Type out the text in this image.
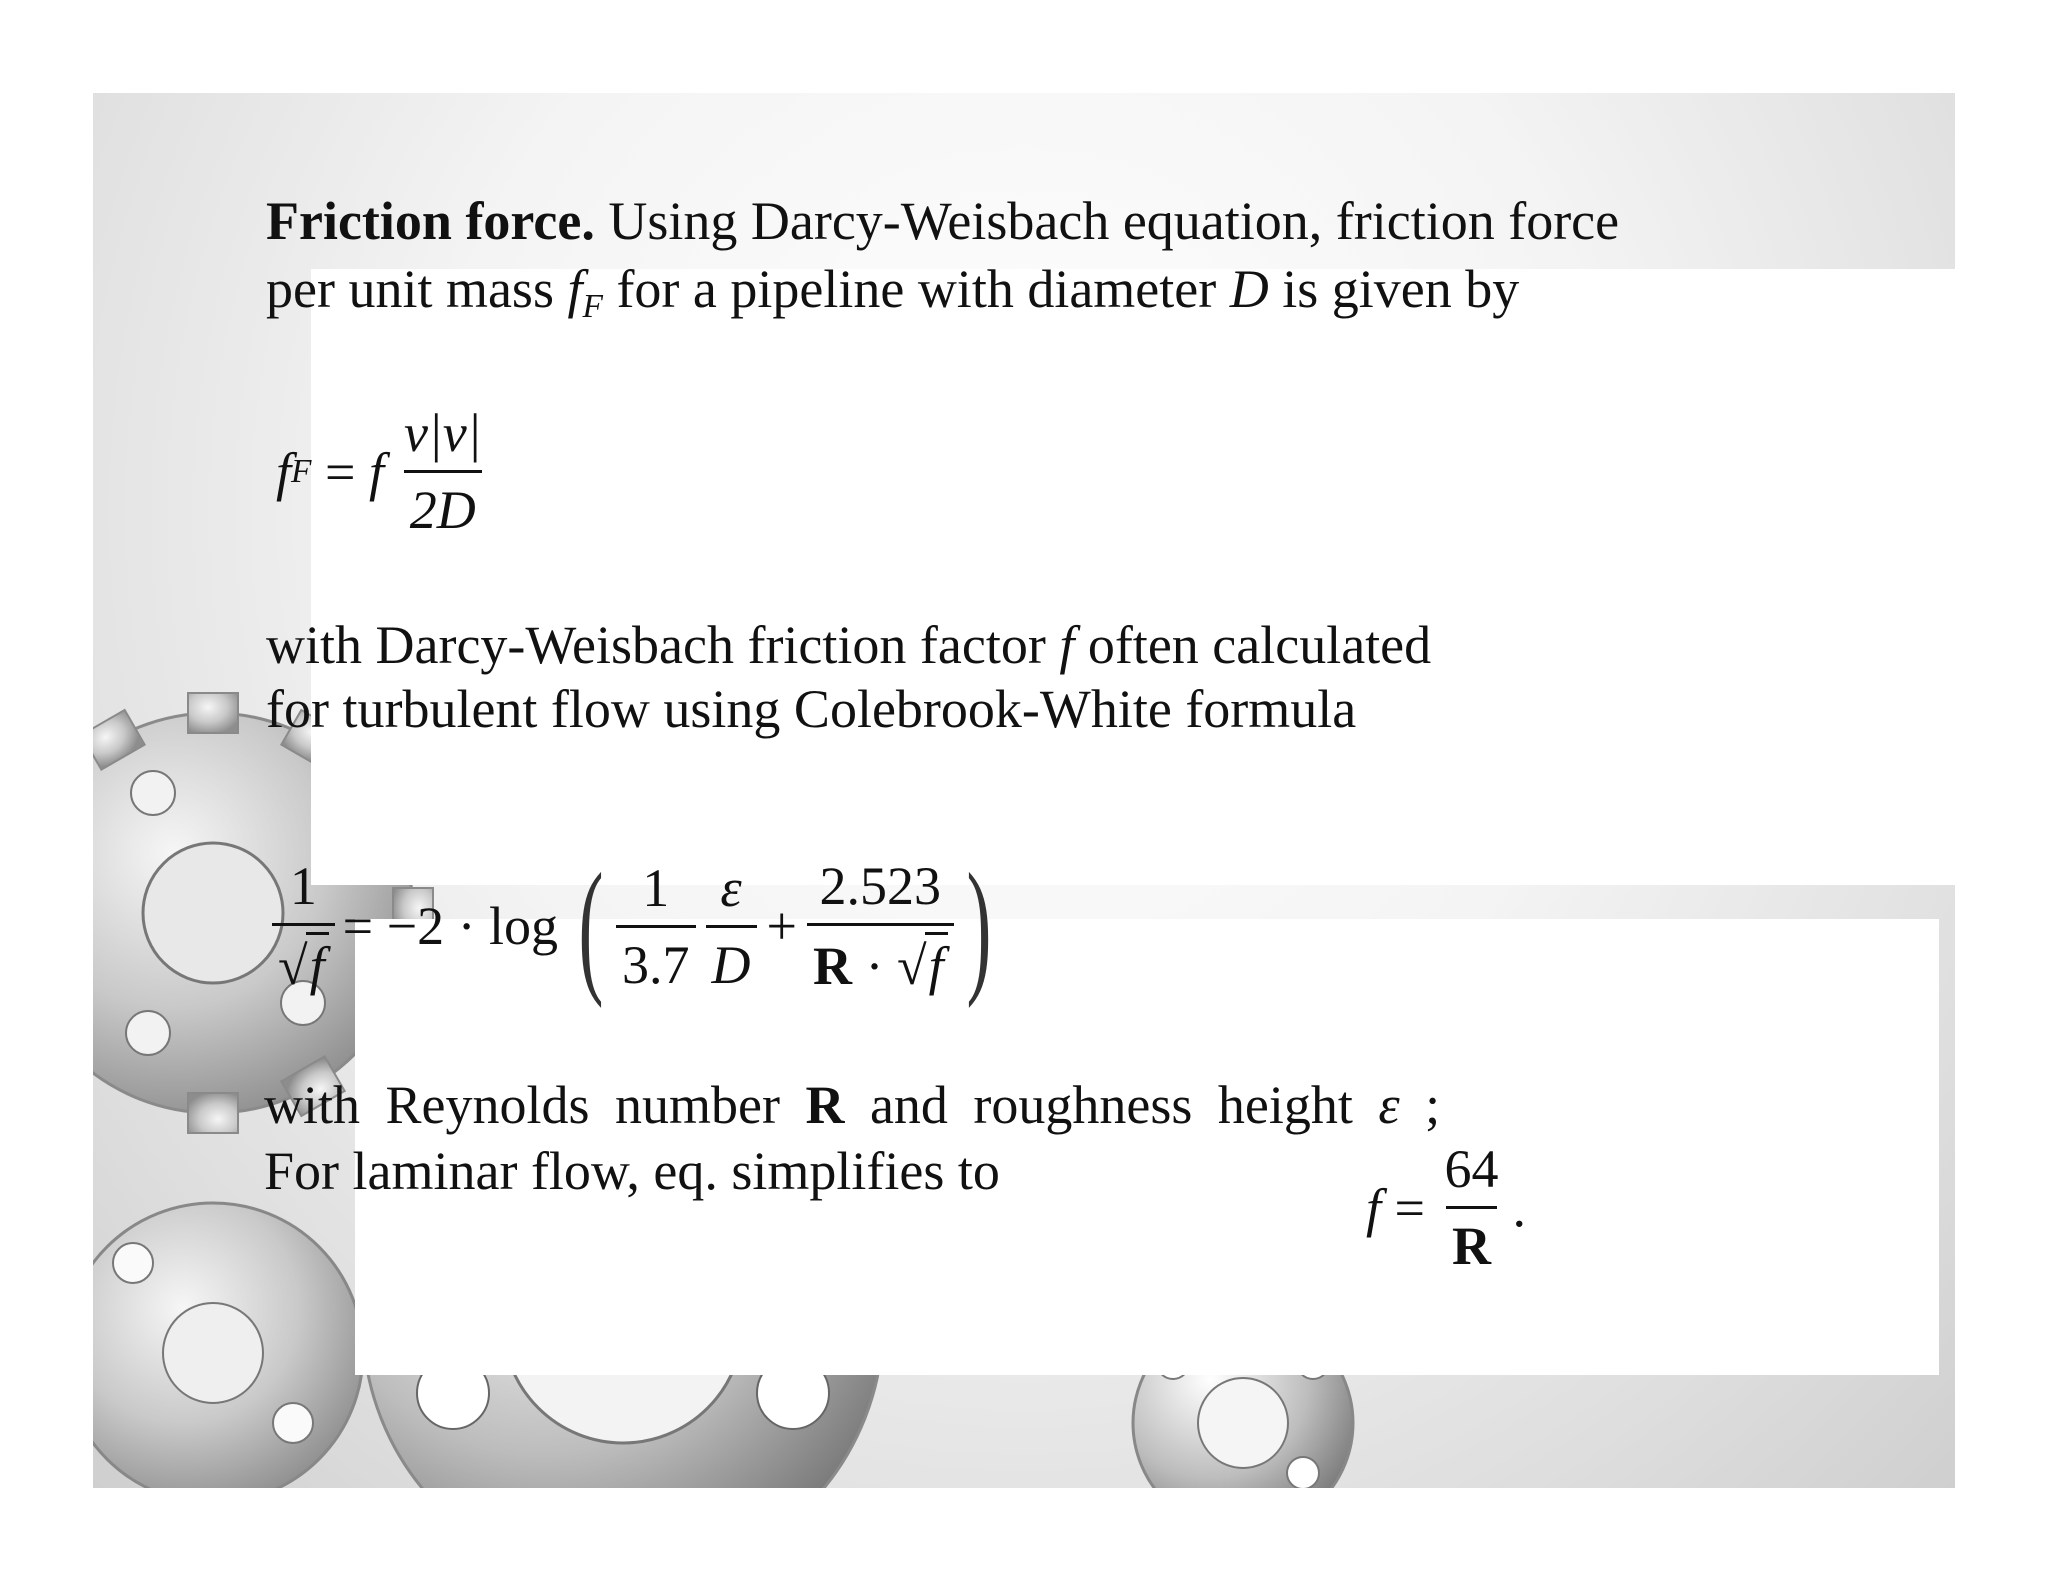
Friction force. Using Darcy-Weisbach equation, friction force
per unit mass $f_F$ for a pipeline with diameter D is given by
f F = f $\frac{v|v|}{2D}$
with Darcy-Weisbach friction factor f often calculated
for turbulent flow using Colebrook-White formula
$\frac{1}{√ f} = -2 \cdot \log$ ( $\frac{1}{3.7} \frac{\varepsilon}{D} + \frac{2.523}{R \cdot √ f}$ )
with Reynolds number R and roughness height ε ;
For laminar flow, eq. simplifies to
$f = \frac{64}{R}$ .
